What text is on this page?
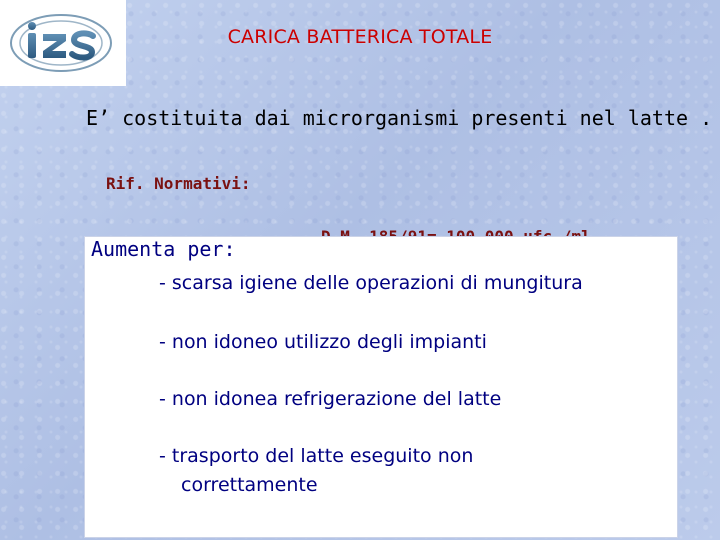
CARICA BATTERICA TOTALE
E’ costituita dai microrganismi presenti nel latte .
Rif. Normativi:

Aumenta per:
- scarsa igiene delle operazioni di mungitura
- non idoneo utilizzo degli impianti
- non idonea refrigerazione del latte
- trasporto del latte eseguito non
correttamente
